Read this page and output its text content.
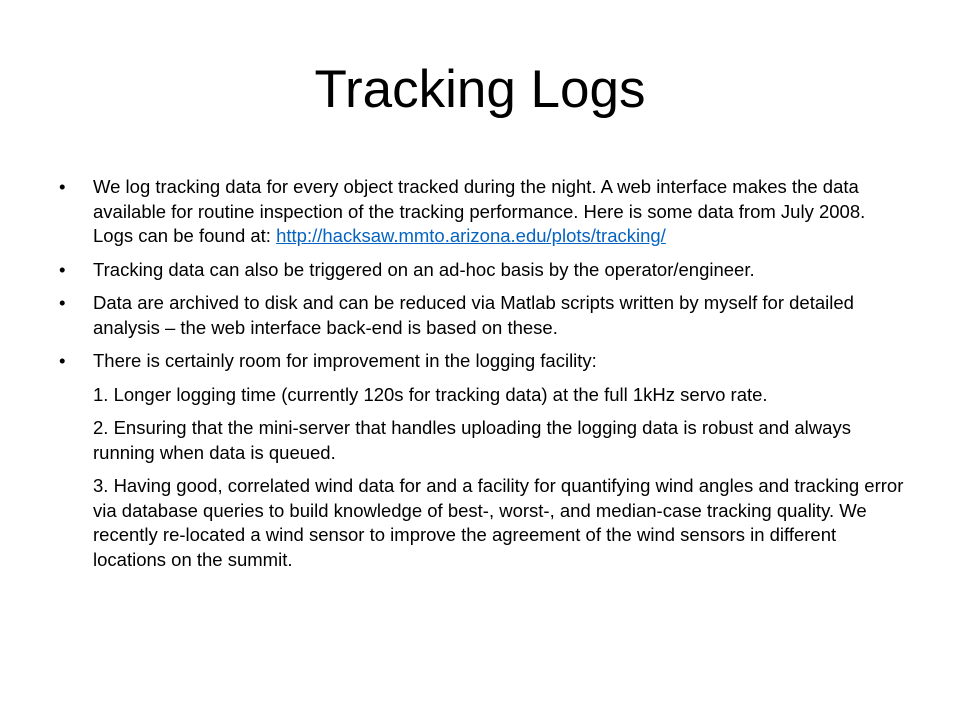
Tracking Logs
•	We log tracking data for every object tracked during the night. A web interface makes the data available for routine inspection of the tracking performance. Here is some data from July 2008. Logs can be found at: http://hacksaw.mmto.arizona.edu/plots/tracking/
•	Tracking data can also be triggered on an ad-hoc basis by the operator/engineer.
•	Data are archived to disk and can be reduced via Matlab scripts written by myself for detailed analysis – the web interface back-end is based on these.
•	There is certainly room for improvement in the logging facility:
1. Longer logging time (currently 120s for tracking data) at the full 1kHz servo rate.
2. Ensuring that the mini-server that handles uploading the logging data is robust and always running when data is queued.
3. Having good, correlated wind data for and a facility for quantifying wind angles and tracking error via database queries to build knowledge of best-, worst-, and median-case tracking quality. We recently re-located a wind sensor to improve the agreement of the wind sensors in different locations on the summit.
